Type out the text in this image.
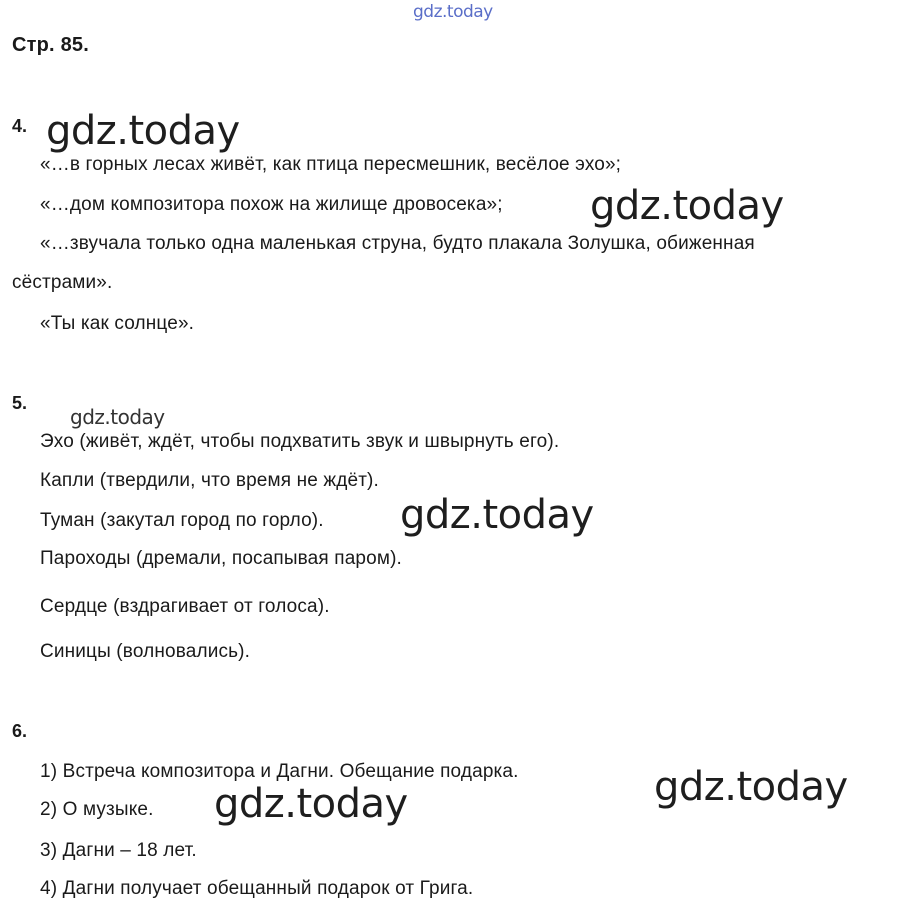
gdz.today
Стр. 85.
4. gdz.today
«…в горных лесах живёт, как птица пересмешник, весёлое эхо»;
«…дом композитора похож на жилище дровосека»; gdz.today
«…звучала только одна маленькая струна, будто плакала Золушка, обиженная
сёстрами».
«Ты как солнце».
5.
gdz.today
Эхо (живёт, ждёт, чтобы подхватить звук и швырнуть его).
Капли (твердили, что время не ждёт).
Туман (закутал город по горло). gdz.today
Пароходы (дремали, посапывая паром).
Сердце (вздрагивает от голоса).
Синицы (волновались).
6.
1) Встреча композитора и Дагни. Обещание подарка.	gdz.today
2) О музыке. gdz.today
3) Дагни – 18 лет.
4) Дагни получает обещанный подарок от Грига.
